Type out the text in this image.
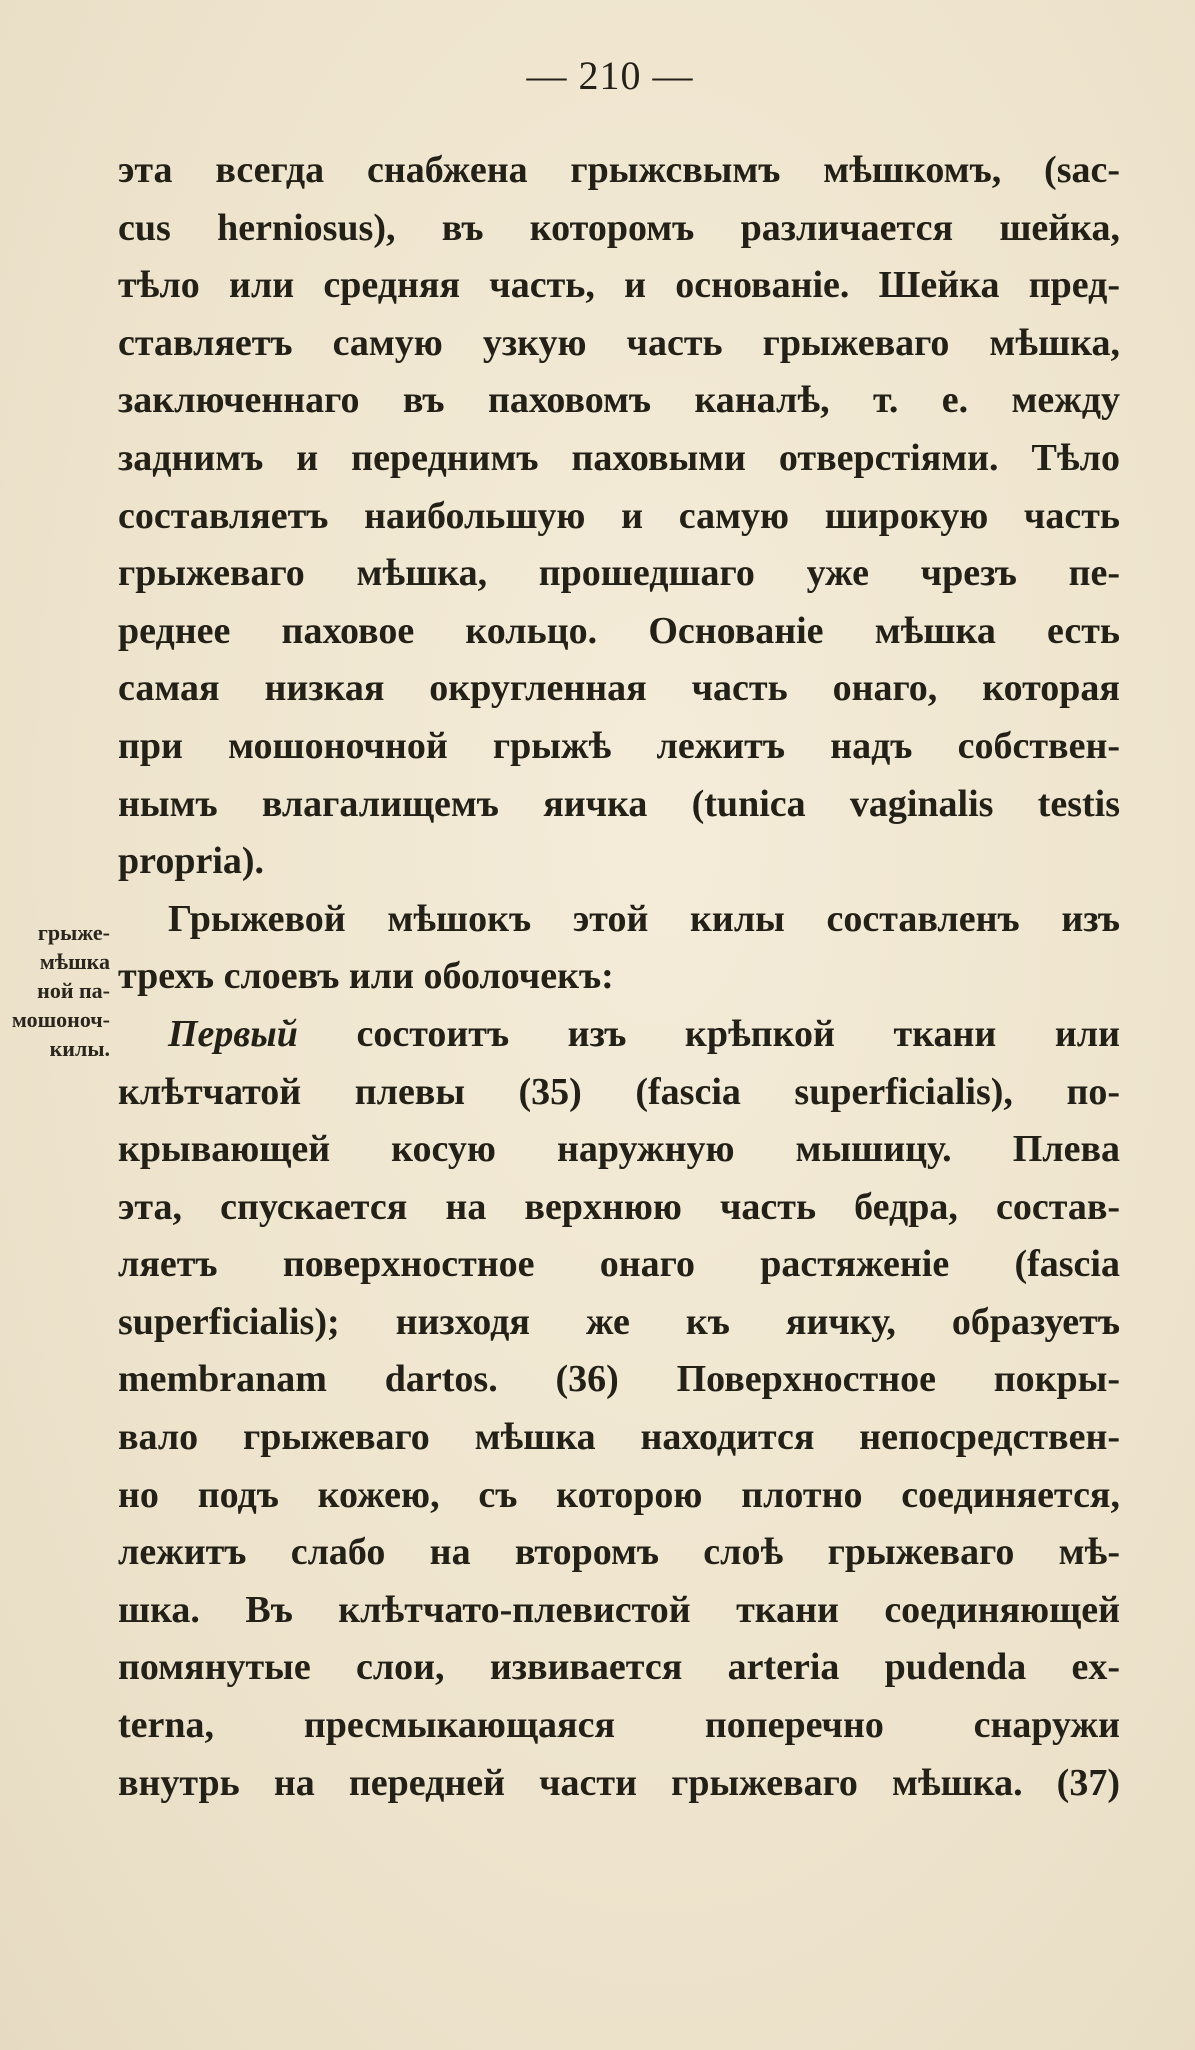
— 210 —
грыже-
мѣшка
ной па-
мошоноч-
килы.
эта всегда снабжена грыжсвымъ мѣшкомъ, (sac-
cus herniosus), въ которомъ различается шейка,
тѣло или средняя часть, и основаніе. Шейка пред-
ставляетъ самую узкую часть грыжеваго мѣшка,
заключеннаго въ паховомъ каналѣ, т. е. между
заднимъ и переднимъ паховыми отверстіями. Тѣло
составляетъ наибольшую и самую широкую часть
грыжеваго мѣшка, прошедшаго уже чрезъ пе-
реднее паховое кольцо. Основаніе мѣшка есть
самая низкая округленная часть онаго, которая
при мошоночной грыжѣ лежитъ надъ собствен-
нымъ влагалищемъ яичка (tunica vaginalis testis
propria).
Грыжевой мѣшокъ этой килы составленъ изъ
трехъ слоевъ или оболочекъ:
Первый состоитъ изъ крѣпкой ткани или
клѣтчатой плевы (35) (fascia superficialis), по-
крывающей косую наружную мышицу. Плева
эта, спускается на верхнюю часть бедра, состав-
ляетъ поверхностное онаго растяженіе (fascia
superficialis); низходя же къ яичку, образуетъ
membranam dartos. (36) Поверхностное покры-
вало грыжеваго мѣшка находится непосредствен-
но подъ кожею, съ которою плотно соединяется,
лежитъ слабо на второмъ слоѣ грыжеваго мѣ-
шка. Въ клѣтчато-плевистой ткани соединяющей
помянутые слои, извивается arteria pudenda ex-
terna, пресмыкающаяся поперечно снаружи
внутрь на передней части грыжеваго мѣшка. (37)
